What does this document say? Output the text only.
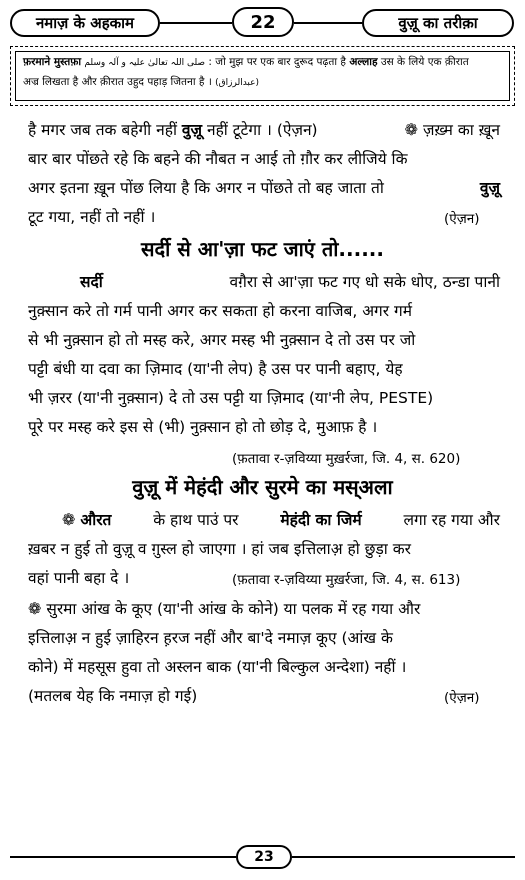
नमाज़ के अहकाम	22	वुज़ू का तरीक़ा
फ़रमाने मुस्तफ़ा صلی اللہ تعالیٰ علیہ و آلہ وسلم : जो मुझ पर एक बार दुरूद पढ़ता है अल्लाह उस के लिये एक क़ीरात
अज्र लिखता है और क़ीरात उहुद पहाड़ जितना है । (عبدالرزاق)
है मगर जब तक बहेगी नहीं वुज़ू नहीं टूटेगा । (ऐज़न)	❁ ज़ख़्म का ख़ून
बार बार पोंछते रहे कि बहने की नौबत न आई तो ग़ौर कर लीजिये कि
अगर इतना ख़ून पोंछ लिया है कि अगर न पोंछते तो बह जाता तो	वुज़ू
टूट गया, नहीं तो नहीं ।	(ऐज़न)
सर्दी से आ'ज़ा फट जाएं तो......
सर्दी	वग़ैरा से आ'ज़ा फट गए धो सके धोए, ठन्डा पानी
नुक़्सान करे तो गर्म पानी अगर कर सकता हो करना वाजिब, अगर गर्म
से भी नुक़्सान हो तो मस्ह करे, अगर मस्ह भी नुक़्सान दे तो उस पर जो
पट्टी बंधी या दवा का ज़िमाद (या'नी लेप) है उस पर पानी बहाए, येह
भी ज़रर (या'नी नुक़्सान) दे तो उस पट्टी या ज़िमाद (या'नी लेप, PESTE)
पूरे पर मस्ह करे इस से (भी) नुक़्सान हो तो छोड़ दे, मुआफ़ है ।
(फ़तावा र-ज़विय्या मुख़र्रजा, जि. 4, स. 620)
वुज़ू में मेहंदी और सुरमे का मस्अला
❁ औरत	के हाथ पाउं पर	मेहंदी का जिर्म	लगा रह गया और
ख़बर न हुई तो वुज़ू व ग़ुस्ल हो जाएगा । हां जब इत्तिलाअ़ हो छुड़ा कर
वहां पानी बहा दे ।	(फ़तावा र-ज़विय्या मुख़र्रजा, जि. 4, स. 613)
❁ सुरमा आंख के कूए (या'नी आंख के कोने) या पलक में रह गया और
इत्तिलाअ़ न हुई ज़ाहिरन ह़रज नहीं और बा'दे नमाज़ कूए (आंख के
कोने) में महसूस हुवा तो अस्लन बाक (या'नी बिल्कुल अन्देशा) नहीं ।
(मतलब येह कि नमाज़ हो गई)	(ऐज़न)
23
